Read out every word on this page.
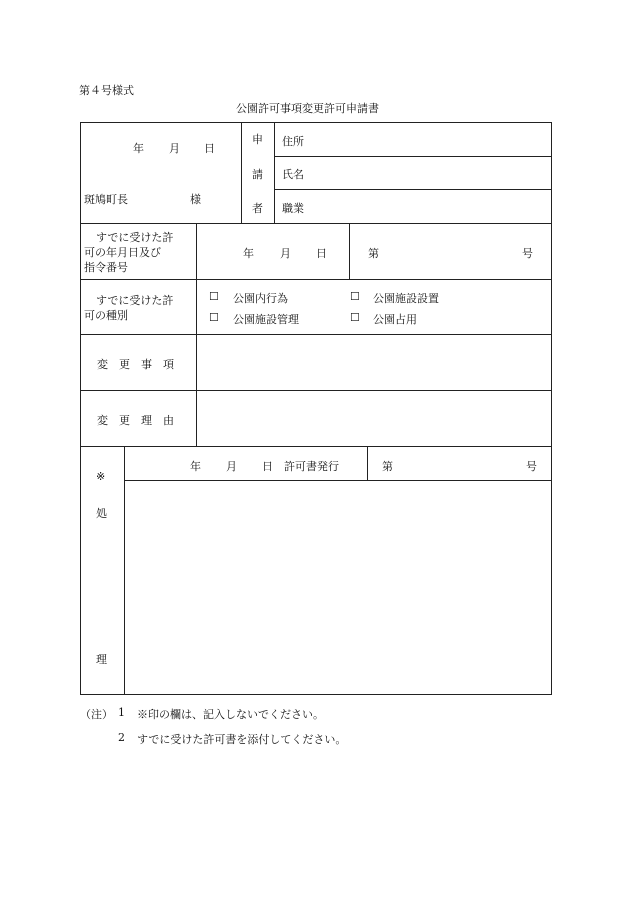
第４号様式
公園許可事項変更許可申請書
年 月 日
斑鳩町長	様
申
請
者
住所
氏名
職業
すでに受けた許
可の年月日及び
指令番号
年 月 日	第	号
すでに受けた許
可の種別
☐ 公園内行為	☐ 公園施設設置
☐ 公園施設管理	☐ 公園占用
変更事項
変更理由
※
処
理
年 月 日 許可書発行	第	号
（注） 1 ※印の欄は、記入しないでください。
2 すでに受けた許可書を添付してください。
